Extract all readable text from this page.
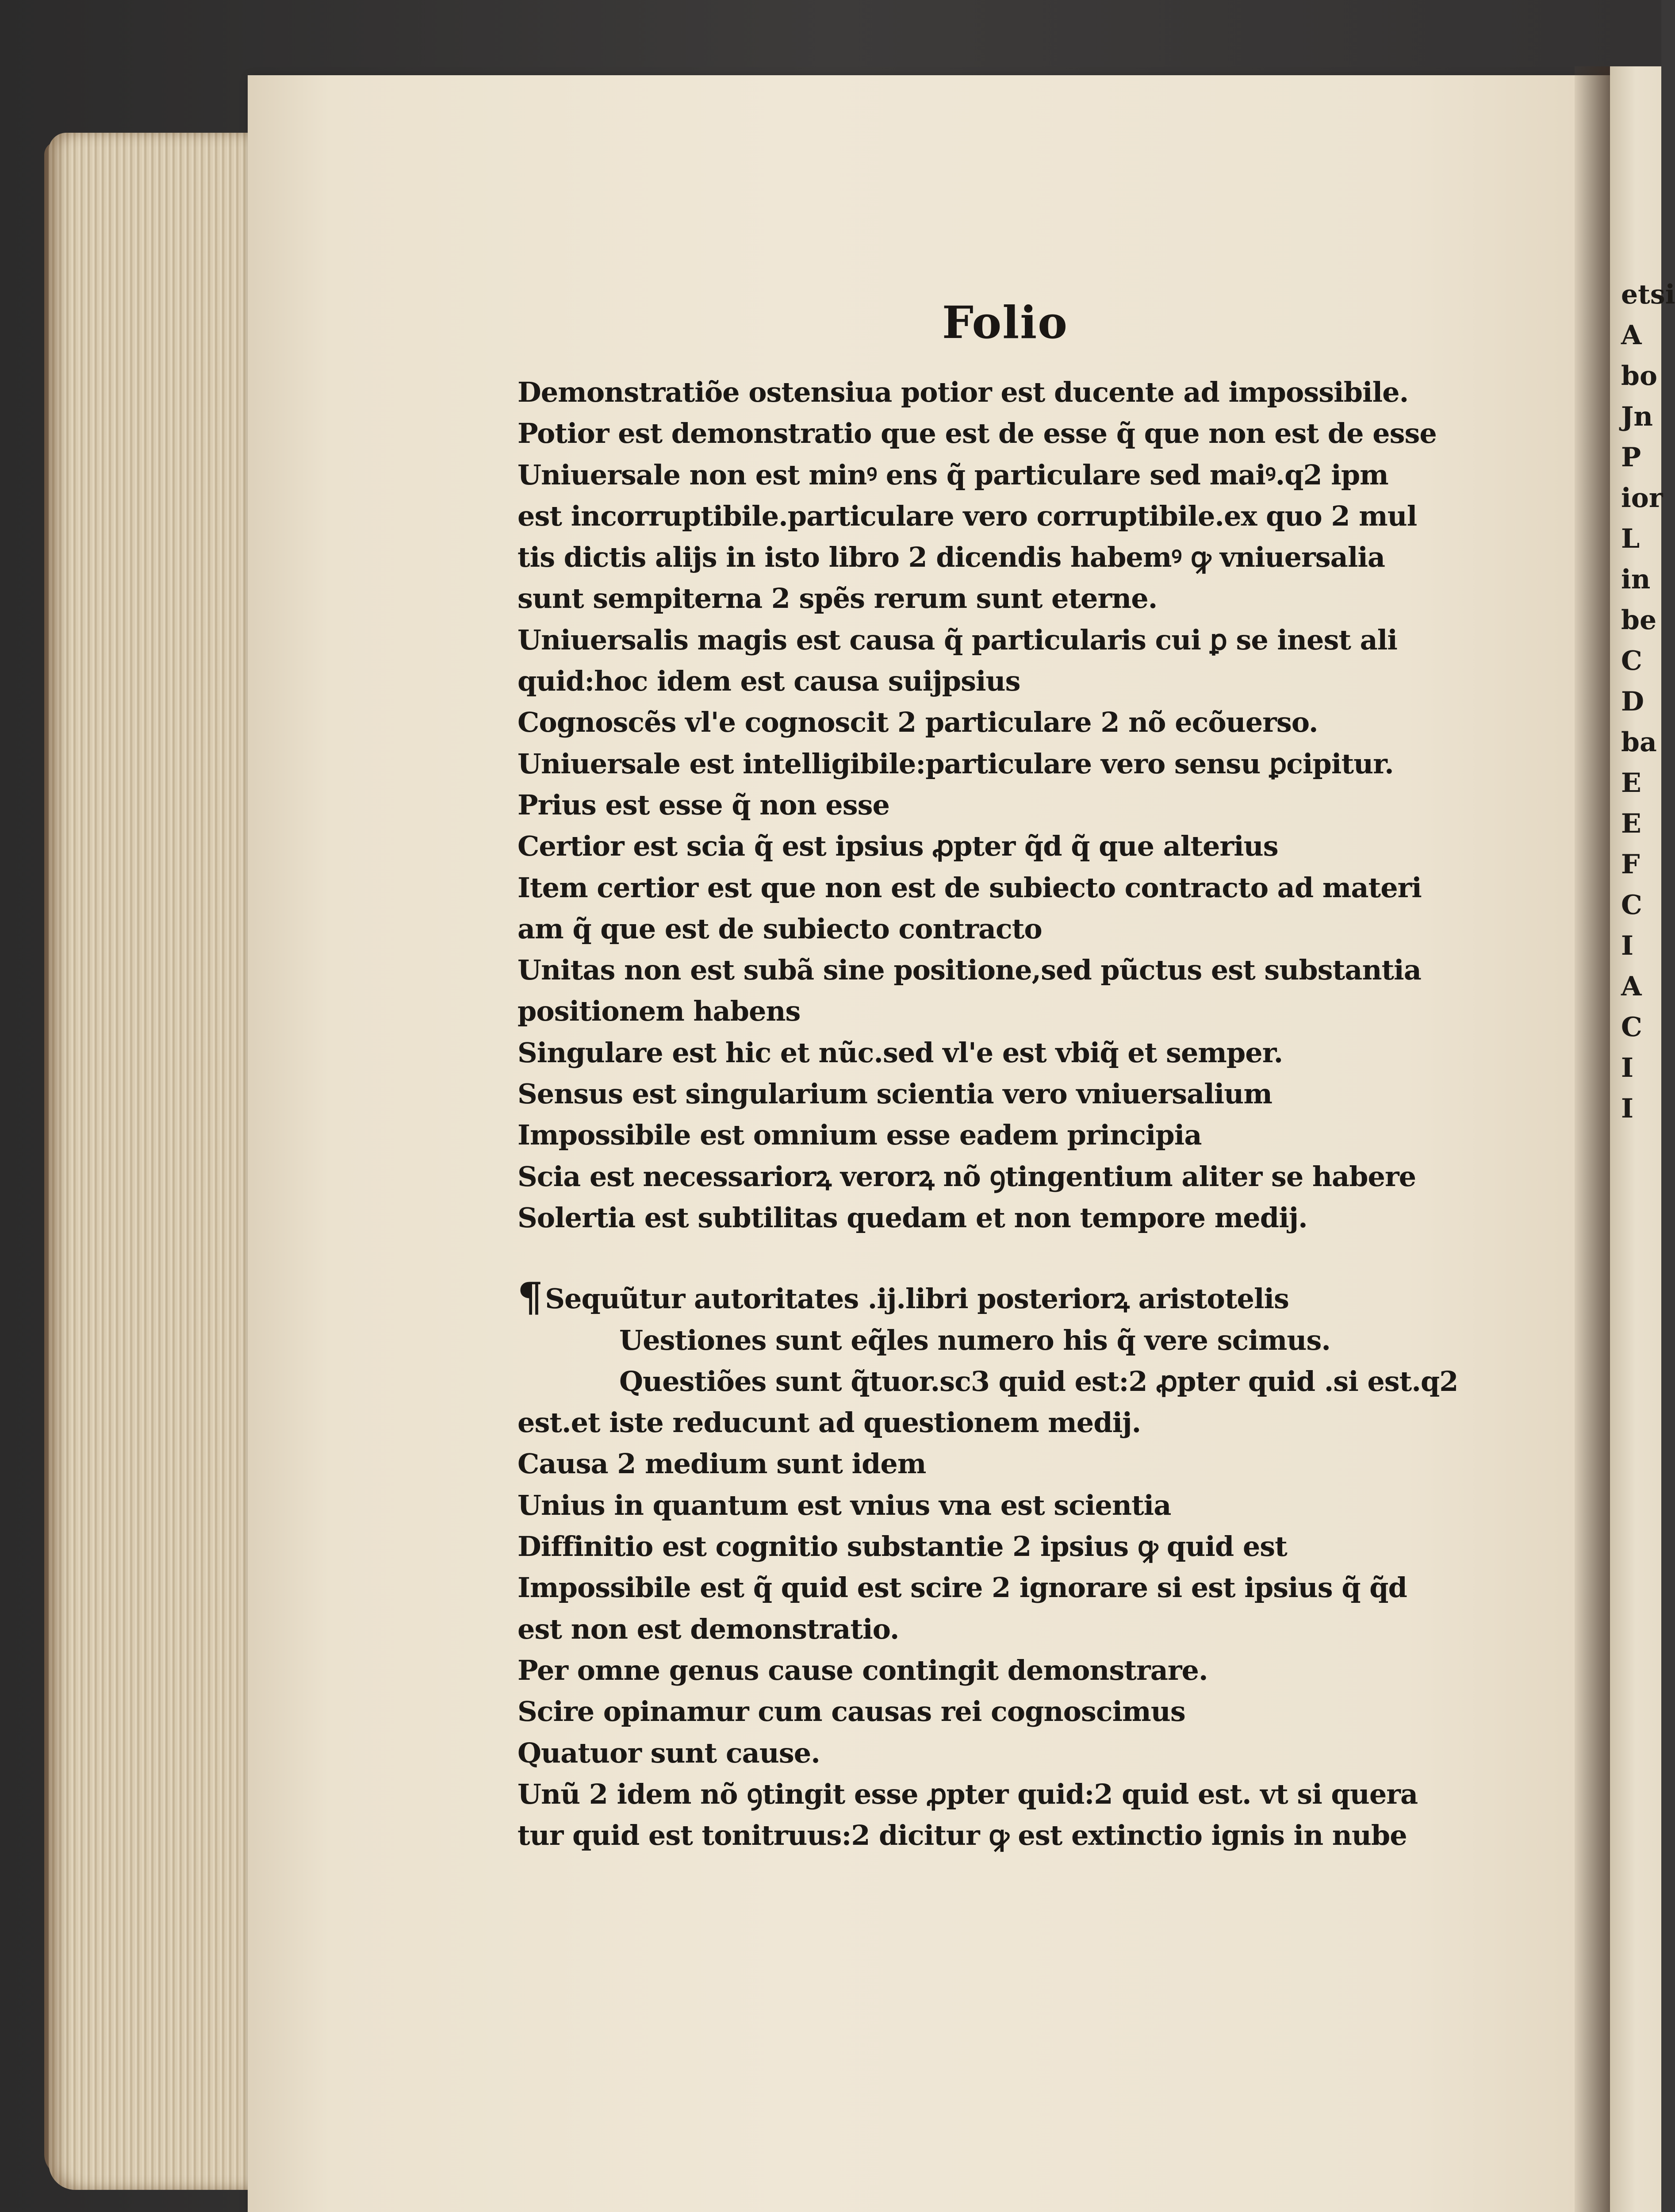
etsi
A
bo
Jn
P
ior
L
in
be
C
D
ba
E
E
F
C
I
A
C
I
I
Folio
Demonstratiõe ostensiua potior est ducente ad impossibile.
Potior est demonstratio que est de esse q̃ que non est de esse
Uniuersale non est minꝰ ens q̃ particulare sed maiꝰ.q2 ipm
est incorruptibile.particulare vero corruptibile.ex quo 2 mul
tis dictis alijs in isto libro 2 dicendis habemꝰ ꝙ vniuersalia
sunt sempiterna 2 spẽs rerum sunt eterne.
Uniuersalis magis est causa q̃ particularis cui ꝑ se inest ali
quid:hoc idem est causa suijpsius
Cognoscẽs vl'e cognoscit 2 particulare 2 nõ ecõuerso.
Uniuersale est intelligibile:particulare vero sensu ꝑcipitur.
Prius est esse q̃ non esse
Certior est scia q̃ est ipsius ꝓpter q̃d q̃ que alterius
Item certior est que non est de subiecto contracto ad materi
am q̃ que est de subiecto contracto
Unitas non est subã sine positione,sed pũctus est substantia
positionem habens
Singulare est hic et nũc.sed vl'e est vbiq̃ et semper.
Sensus est singularium scientia vero vniuersalium
Impossibile est omnium esse eadem principia
Scia est necessariorꝝ verorꝝ nõ ꝯtingentium aliter se habere
Solertia est subtilitas quedam et non tempore medij.
¶Sequũtur autoritates .ij.libri posteriorꝝ aristotelis
Uestiones sunt eq̃les numero his q̃ vere scimus.
Questiões sunt q̃tuor.sc3 quid est:2 ꝓpter quid .si est.q2
est.et iste reducunt ad questionem medij.
Causa 2 medium sunt idem
Unius in quantum est vnius vna est scientia
Diffinitio est cognitio substantie 2 ipsius ꝙ quid est
Impossibile est q̃ quid est scire 2 ignorare si est ipsius q̃ q̃d
est non est demonstratio.
Per omne genus cause contingit demonstrare.
Scire opinamur cum causas rei cognoscimus
Quatuor sunt cause.
Unũ 2 idem nõ ꝯtingit esse ꝓpter quid:2 quid est. vt si quera
tur quid est tonitruus:2 dicitur ꝙ est extinctio ignis in nube
